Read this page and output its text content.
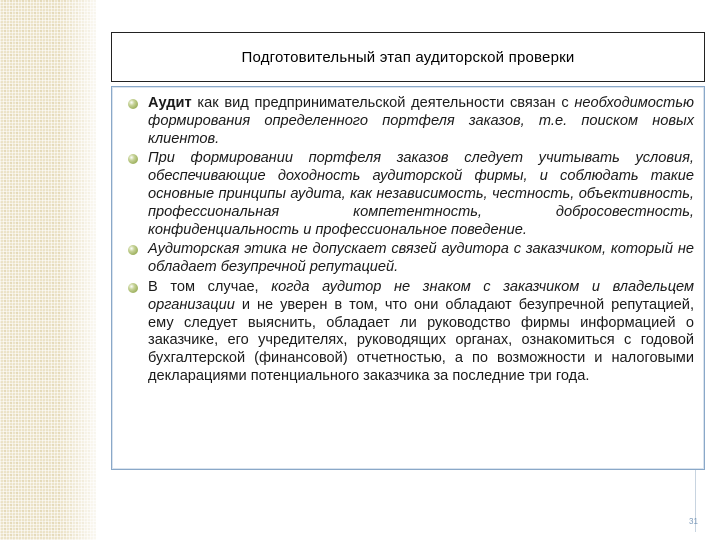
Подготовительный этап аудиторской проверки
Аудит как вид предпринимательской деятельности связан с необходимостью формирования определенного портфеля заказов, т.е. поиском новых клиентов.
При формировании портфеля заказов следует учитывать условия, обеспечивающие доходность аудиторской фирмы, и соблюдать такие основные принципы аудита, как независимость, честность, объективность, профессиональная компетентность, добросовестность, конфиденциальность и профессиональное поведение.
Аудиторская этика не допускает связей аудитора с заказчиком, который не обладает безупречной репутацией.
В том случае, когда аудитор не знаком с заказчиком и владельцем организации и не уверен в том, что они обладают безупречной репутацией, ему следует выяснить, обладает ли руководство фирмы информацией о заказчике, его учредителях, руководящих органах, ознакомиться с годовой бухгалтерской (финансовой) отчетностью, а по возможности и налоговыми декларациями потенциального заказчика за последние три года.
31
